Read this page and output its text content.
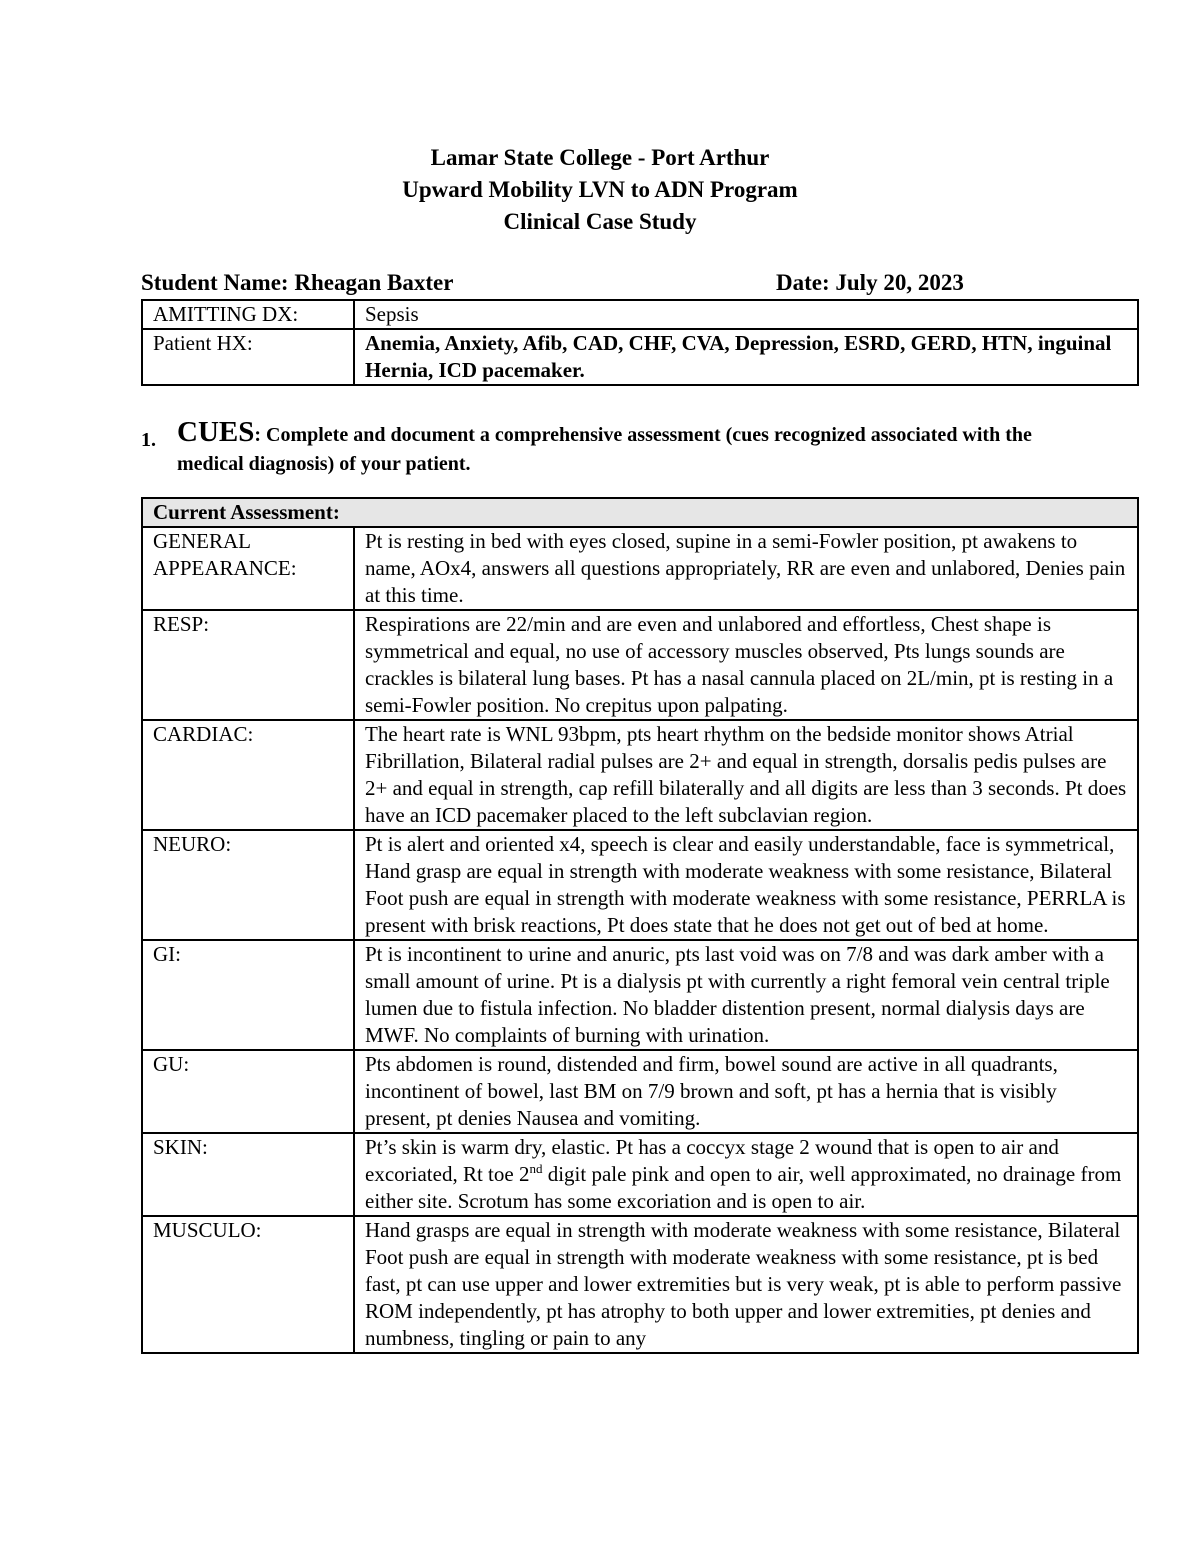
Lamar State College - Port Arthur
Upward Mobility LVN to ADN Program
Clinical Case Study
Student Name: Rheagan Baxter	Date: July 20, 2023
AMITTING DX:	Sepsis
Patient HX:	Anemia, Anxiety, Afib, CAD, CHF, CVA, Depression, ESRD, GERD, HTN, inguinal Hernia, ICD pacemaker.
1. CUES: Complete and document a comprehensive assessment (cues recognized associated with the medical diagnosis) of your patient.
Current Assessment:	
GENERAL APPEARANCE:	Pt is resting in bed with eyes closed, supine in a semi-Fowler position, pt awakens to name, AOx4, answers all questions appropriately, RR are even and unlabored, Denies pain at this time.
RESP:	Respirations are 22/min and are even and unlabored and effortless, Chest shape is symmetrical and equal, no use of accessory muscles observed, Pts lungs sounds are crackles is bilateral lung bases. Pt has a nasal cannula placed on 2L/min, pt is resting in a semi-Fowler position. No crepitus upon palpating.
CARDIAC:	The heart rate is WNL 93bpm, pts heart rhythm on the bedside monitor shows Atrial Fibrillation, Bilateral radial pulses are 2+ and equal in strength, dorsalis pedis pulses are 2+ and equal in strength, cap refill bilaterally and all digits are less than 3 seconds. Pt does have an ICD pacemaker placed to the left subclavian region.
NEURO:	Pt is alert and oriented x4, speech is clear and easily understandable, face is symmetrical, Hand grasp are equal in strength with moderate weakness with some resistance, Bilateral Foot push are equal in strength with moderate weakness with some resistance, PERRLA is present with brisk reactions, Pt does state that he does not get out of bed at home.
GI:	Pt is incontinent to urine and anuric, pts last void was on 7/8 and was dark amber with a small amount of urine. Pt is a dialysis pt with currently a right femoral vein central triple lumen due to fistula infection. No bladder distention present, normal dialysis days are MWF. No complaints of burning with urination.
GU:	Pts abdomen is round, distended and firm, bowel sound are active in all quadrants, incontinent of bowel, last BM on 7/9 brown and soft, pt has a hernia that is visibly present, pt denies Nausea and vomiting.
SKIN:	Pt’s skin is warm dry, elastic. Pt has a coccyx stage 2 wound that is open to air and excoriated, Rt toe 2nd digit pale pink and open to air, well approximated, no drainage from either site. Scrotum has some excoriation and is open to air.
MUSCULO:	Hand grasps are equal in strength with moderate weakness with some resistance, Bilateral Foot push are equal in strength with moderate weakness with some resistance, pt is bed fast, pt can use upper and lower extremities but is very weak, pt is able to perform passive ROM independently, pt has atrophy to both upper and lower extremities, pt denies and numbness, tingling or pain to any
